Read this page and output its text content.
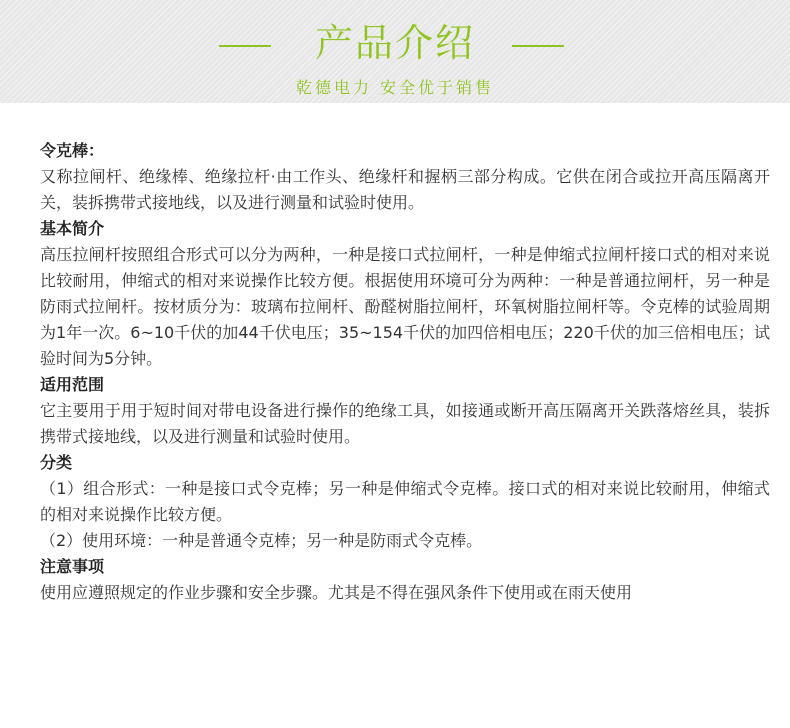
产品介绍
乾德电力 安全优于销售
令克棒：
又称拉闸杆、绝缘棒、绝缘拉杆·由工作头、绝缘杆和握柄三部分构成。它供在闭合或拉开高压隔离开关，装拆携带式接地线，以及进行测量和试验时使用。
基本简介
高压拉闸杆按照组合形式可以分为两种，一种是接口式拉闸杆，一种是伸缩式拉闸杆接口式的相对来说比较耐用，伸缩式的相对来说操作比较方便。根据使用环境可分为两种：一种是普通拉闸杆，另一种是防雨式拉闸杆。按材质分为：玻璃布拉闸杆、酚醛树脂拉闸杆，环氧树脂拉闸杆等。令克棒的试验周期为1年一次。6~10千伏的加44千伏电压；35~154千伏的加四倍相电压；220千伏的加三倍相电压；试验时间为5分钟。
适用范围
它主要用于用于短时间对带电设备进行操作的绝缘工具，如接通或断开高压隔离开关跌落熔丝具，装拆携带式接地线，以及进行测量和试验时使用。
分类
（1）组合形式：一种是接口式令克棒；另一种是伸缩式令克棒。接口式的相对来说比较耐用，伸缩式的相对来说操作比较方便。
（2）使用环境：一种是普通令克棒；另一种是防雨式令克棒。
注意事项
使用应遵照规定的作业步骤和安全步骤。尤其是不得在强风条件下使用或在雨天使用
